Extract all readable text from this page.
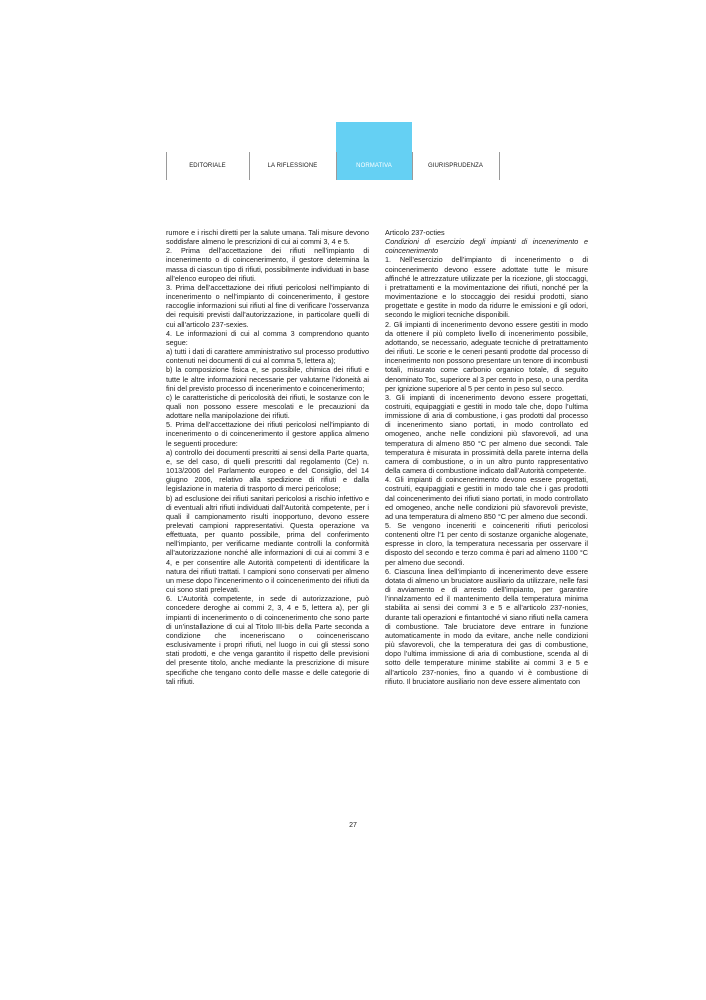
EDITORIALE	LA RIFLESSIONE	NORMATIVA	GIURISPRUDENZA

rumore e i rischi diretti per la salute umana. Tali misure devono soddisfare almeno le prescrizioni di cui ai commi 3, 4 e 5.

2. Prima dell’accettazione dei rifiuti nell’impianto di incenerimento o di coincenerimento, il gestore determina la massa di ciascun tipo di rifiuti, possibilmente individuati in base all’elenco europeo dei rifiuti.

3. Prima dell’accettazione dei rifiuti pericolosi nell’impianto di incenerimento o nell’impianto di coincenerimento, il gestore raccoglie informazioni sui rifiuti al fine di verificare l’osservanza dei requisiti previsti dall’autorizzazione, in particolare quelli di cui all’articolo 237-sexies.

4. Le informazioni di cui al comma 3 comprendono quanto segue:

a) tutti i dati di carattere amministrativo sul processo produttivo contenuti nei documenti di cui al comma 5, lettera a);

b) la composizione fisica e, se possibile, chimica dei rifiuti e tutte le altre informazioni necessarie per valutarne l’idoneità ai fini del previsto processo di incenerimento e coincenerimento;

c) le caratteristiche di pericolosità dei rifiuti, le sostanze con le quali non possono essere mescolati e le precauzioni da adottare nella manipolazione dei rifiuti.

5. Prima dell’accettazione dei rifiuti pericolosi nell’impianto di incenerimento o di coincenerimento il gestore applica almeno le seguenti procedure:

a) controllo dei documenti prescritti ai sensi della Parte quarta, e, se del caso, di quelli prescritti dal regolamento (Ce) n. 1013/2006 del Parlamento europeo e del Consiglio, del 14 giugno 2006, relativo alla spedizione di rifiuti e dalla legislazione in materia di trasporto di merci pericolose;

b) ad esclusione dei rifiuti sanitari pericolosi a rischio infettivo e di eventuali altri rifiuti individuati dall’Autorità competente, per i quali il campionamento risulti inopportuno, devono essere prelevati campioni rappresentativi. Questa operazione va effettuata, per quanto possibile, prima del conferimento nell’impianto, per verificarne mediante controlli la conformità all’autorizzazione nonché alle informazioni di cui ai commi 3 e 4, e per consentire alle Autorità competenti di identificare la natura dei rifiuti trattati. I campioni sono conservati per almeno un mese dopo l’incenerimento o il coincenerimento dei rifiuti da cui sono stati prelevati.

6. L’Autorità competente, in sede di autorizzazione, può concedere deroghe ai commi 2, 3, 4 e 5, lettera a), per gli impianti di incenerimento o di coincenerimento che sono parte di un’installazione di cui al Titolo III-bis della Parte seconda a condizione che inceneriscano o coinceneriscano esclusivamente i propri rifiuti, nel luogo in cui gli stessi sono stati prodotti, e che venga garantito il rispetto delle previsioni del presente titolo, anche mediante la prescrizione di misure specifiche che tengano conto delle masse e delle categorie di tali rifiuti.

Articolo 237-octies

Condizioni di esercizio degli impianti di incenerimento e coincenerimento

1. Nell’esercizio dell’impianto di incenerimento o di coincenerimento devono essere adottate tutte le misure affinché le attrezzature utilizzate per la ricezione, gli stoccaggi, i pretrattamenti e la movimentazione dei rifiuti, nonché per la movimentazione e lo stoccaggio dei residui prodotti, siano progettate e gestite in modo da ridurre le emissioni e gli odori, secondo le migliori tecniche disponibili.

2. Gli impianti di incenerimento devono essere gestiti in modo da ottenere il più completo livello di incenerimento possibile, adottando, se necessario, adeguate tecniche di pretrattamento dei rifiuti. Le scorie e le ceneri pesanti prodotte dal processo di incenerimento non possono presentare un tenore di incombusti totali, misurato come carbonio organico totale, di seguito denominato Toc, superiore al 3 per cento in peso, o una perdita per ignizione superiore al 5 per cento in peso sul secco.

3. Gli impianti di incenerimento devono essere progettati, costruiti, equipaggiati e gestiti in modo tale che, dopo l’ultima immissione di aria di combustione, i gas prodotti dal processo di incenerimento siano portati, in modo controllato ed omogeneo, anche nelle condizioni più sfavorevoli, ad una temperatura di almeno 850 °C per almeno due secondi. Tale temperatura è misurata in prossimità della parete interna della camera di combustione, o in un altro punto rappresentativo della camera di combustione indicato dall’Autorità competente.

4. Gli impianti di coincenerimento devono essere progettati, costruiti, equipaggiati e gestiti in modo tale che i gas prodotti dal coincenerimento dei rifiuti siano portati, in modo controllato ed omogeneo, anche nelle condizioni più sfavorevoli previste, ad una temperatura di almeno 850 °C per almeno due secondi.

5. Se vengono inceneriti e coinceneriti rifiuti pericolosi contenenti oltre l’1 per cento di sostanze organiche alogenate, espresse in cloro, la temperatura necessaria per osservare il disposto del secondo e terzo comma è pari ad almeno 1100 °C per almeno due secondi.

6. Ciascuna linea dell’impianto di incenerimento deve essere dotata di almeno un bruciatore ausiliario da utilizzare, nelle fasi di avviamento e di arresto dell’impianto, per garantire l’innalzamento ed il mantenimento della temperatura minima stabilita ai sensi dei commi 3 e 5 e all’articolo 237-nonies, durante tali operazioni e fintantoché vi siano rifiuti nella camera di combustione. Tale bruciatore deve entrare in funzione automaticamente in modo da evitare, anche nelle condizioni più sfavorevoli, che la temperatura dei gas di combustione, dopo l’ultima immissione di aria di combustione, scenda al di sotto delle temperature minime stabilite ai commi 3 e 5 e all’articolo 237-nonies, fino a quando vi è combustione di rifiuto. Il bruciatore ausiliario non deve essere alimentato con

27
